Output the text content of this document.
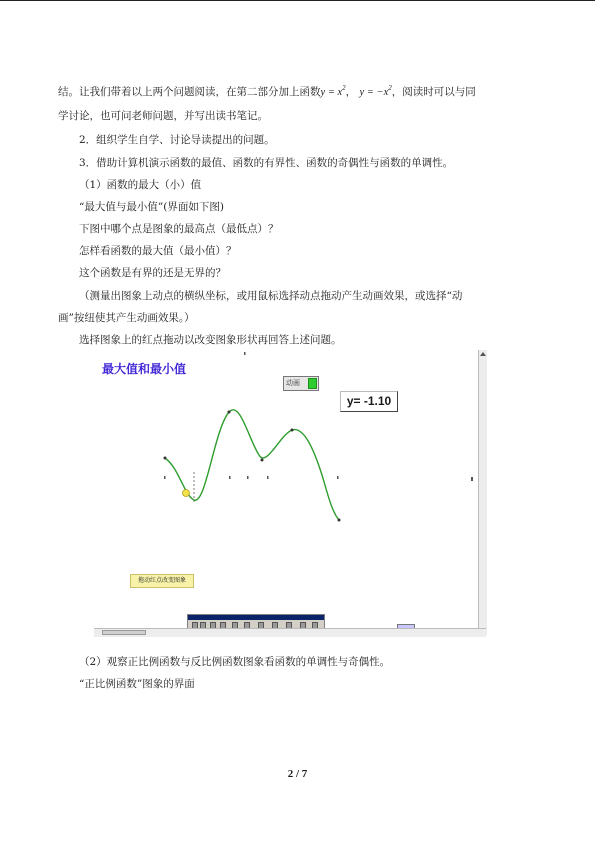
结。让我们带着以上两个问题阅读，在第二部分加上函数$y = x^2$， $y = -x^2$，阅读时可以与同
学讨论，也可问老师问题，并写出读书笔记。
2．组织学生自学、讨论导读提出的问题。
3．借助计算机演示函数的最值、函数的有界性、函数的奇偶性与函数的单调性。
（1）函数的最大（小）值
“最大值与最小值”(界面如下图)
下图中哪个点是图象的最高点（最低点）？
怎样看函数的最大值（最小值）？
这个函数是有界的还是无界的？
（测量出图象上动点的横纵坐标，或用鼠标选择动点拖动产生动画效果，或选择“动
画”按纽使其产生动画效果。）
选择图象上的红点拖动以改变图象形状再回答上述问题。
最大值和最小值
动画
y= -1.10
拖动红点改变图象
（2）观察正比例函数与反比例函数图象看函数的单调性与奇偶性。
“正比例函数”图象的界面
2 / 7
